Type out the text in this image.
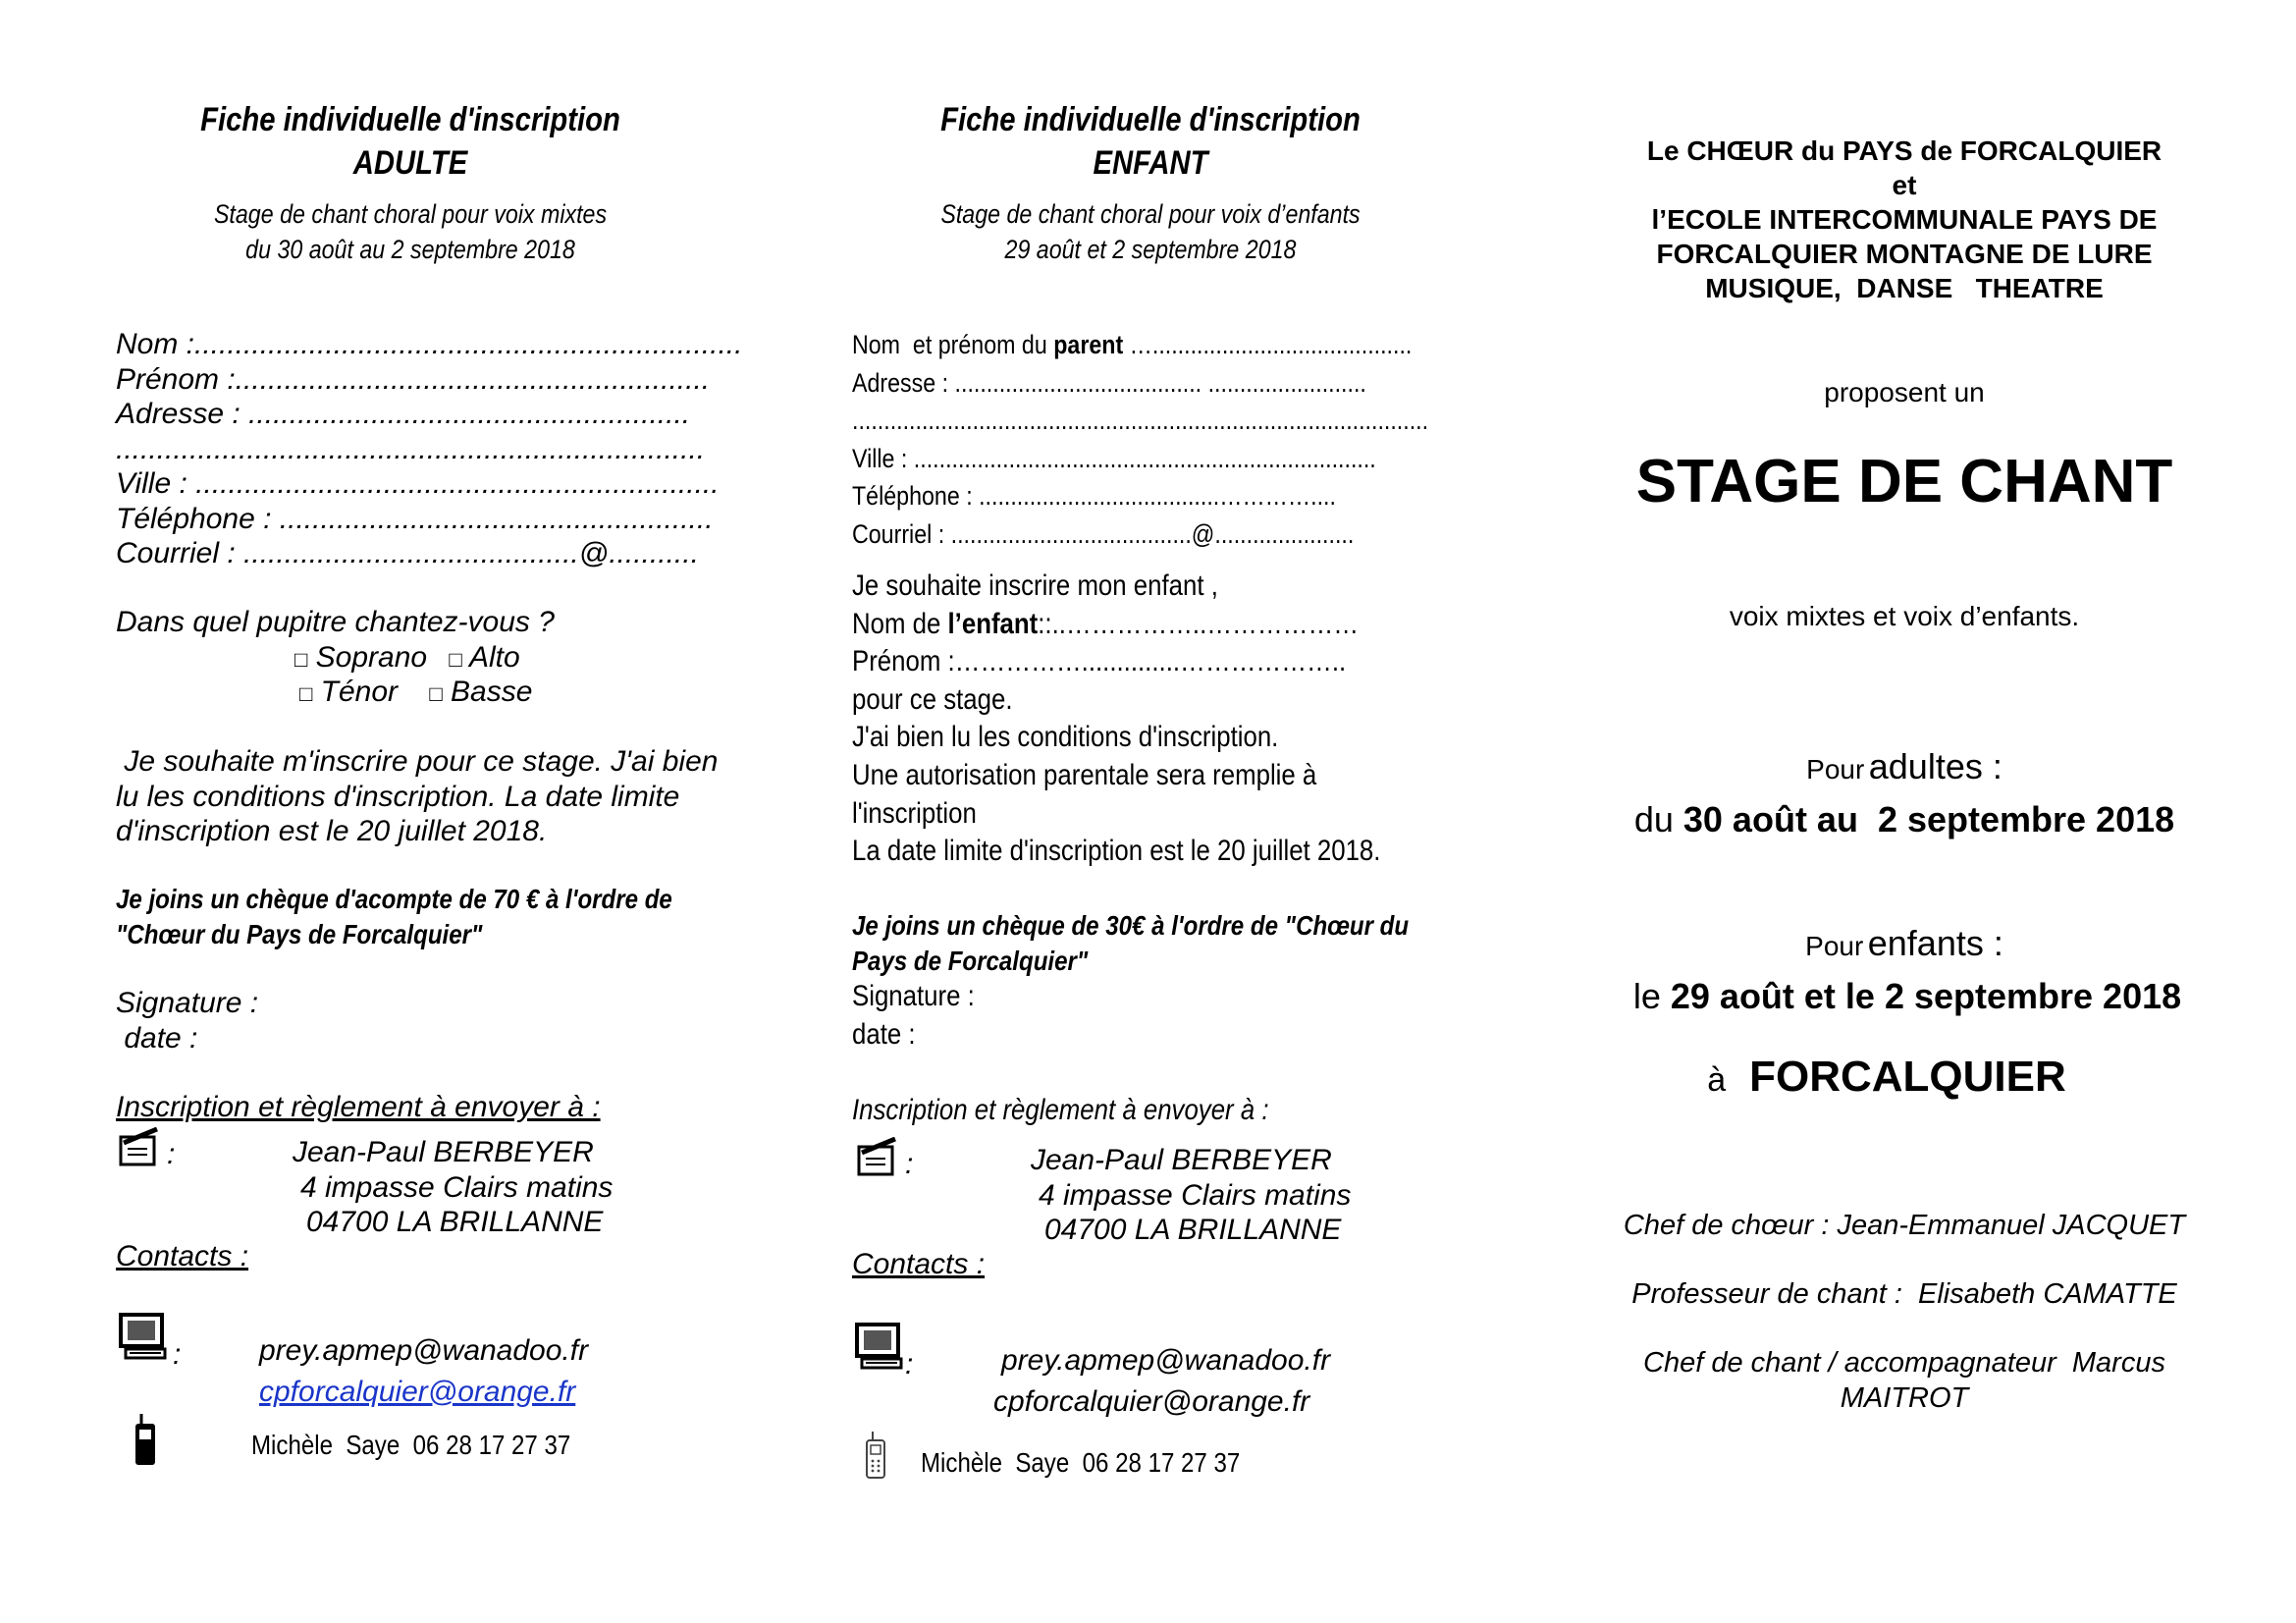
Fiche individuelle d'inscription
ADULTE
Stage de chant choral pour voix mixtes
du 30 août au 2 septembre 2018
Nom :...................................................................
Prénom :..........................................................
Adresse : ......................................................
........................................................................
Ville : ................................................................
Téléphone : .....................................................
Courriel : .........................................@...........
Dans quel pupitre chantez-vous ?
□ Soprano □ Alto
□ Ténor □ Basse
Je souhaite m'inscrire pour ce stage. J'ai bien
lu les conditions d'inscription. La date limite
d'inscription est le 20 juillet 2018.
Je joins un chèque d'acompte de 70 € à l'ordre de
"Chœur du Pays de Forcalquier"
Signature :
date :
Inscription et règlement à envoyer à :
:	Jean-Paul BERBEYER
4 impasse Clairs matins
04700 LA BRILLANNE
Contacts :
:	prey.apmep@wanadoo.fr
cpforcalquier@orange.fr
Michèle  Saye  06 28 17 27 37
Fiche individuelle d'inscription
ENFANT
Stage de chant choral pour voix d’enfants
29 août et 2 septembre 2018
Nom  et prénom du parent ….........................................
Adresse : ....................................... .........................
...........................................................................................
Ville : .........................................................................
Téléphone : ......................................…………....
Courriel : ......................................@......................
Je souhaite inscrire mon enfant ,
Nom de l’enfant::..……………..………………
Prénom :……………..............………………..
pour ce stage.
J'ai bien lu les conditions d'inscription.
Une autorisation parentale sera remplie à
l'inscription
La date limite d'inscription est le 20 juillet 2018.
Je joins un chèque de 30€ à l'ordre de "Chœur du
Pays de Forcalquier"
Signature :
date :
Inscription et règlement à envoyer à :
:	Jean-Paul BERBEYER
4 impasse Clairs matins
04700 LA BRILLANNE
Contacts :
:	prey.apmep@wanadoo.fr
cpforcalquier@orange.fr
Michèle  Saye  06 28 17 27 37
Le CHŒUR du PAYS de FORCALQUIER
et
l’ECOLE INTERCOMMUNALE PAYS DE
FORCALQUIER MONTAGNE DE LURE
MUSIQUE,  DANSE   THEATRE
proposent un
STAGE DE CHANT
voix mixtes et voix d’enfants.
Pour adultes :
du 30 août au  2 septembre 2018
Pour enfants :
le 29 août et le 2 septembre 2018
à FORCALQUIER
Chef de chœur : Jean-Emmanuel JACQUET
Professeur de chant :  Elisabeth CAMATTE
Chef de chant / accompagnateur  Marcus
MAITROT
